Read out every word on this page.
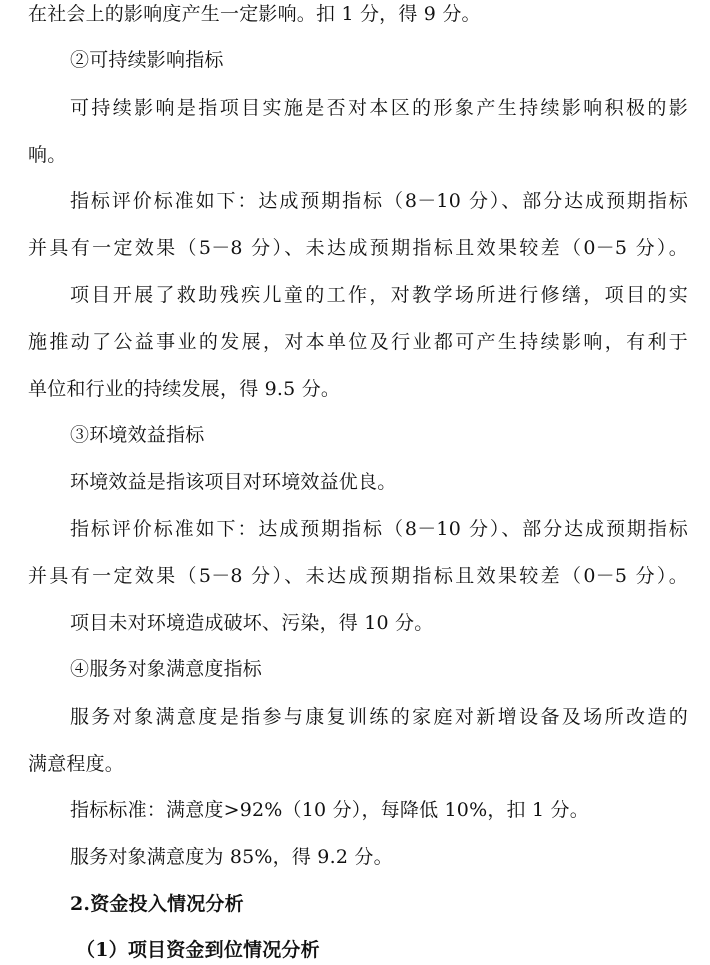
在社会上的影响度产生一定影响。扣 1 分，得 9 分。
②可持续影响指标
可持续影响是指项目实施是否对本区的形象产生持续影响积极的影
响。
指标评价标准如下：达成预期指标（8－10 分）、部分达成预期指标
并具有一定效果（5－8 分）、未达成预期指标且效果较差（0－5 分）。
项目开展了救助残疾儿童的工作，对教学场所进行修缮，项目的实
施推动了公益事业的发展，对本单位及行业都可产生持续影响，有利于
单位和行业的持续发展，得 9.5 分。
③环境效益指标
环境效益是指该项目对环境效益优良。
指标评价标准如下：达成预期指标（8－10 分）、部分达成预期指标
并具有一定效果（5－8 分）、未达成预期指标且效果较差（0－5 分）。
项目未对环境造成破坏、污染，得 10 分。
④服务对象满意度指标
服务对象满意度是指参与康复训练的家庭对新增设备及场所改造的
满意程度。
指标标准：满意度>92%（10 分），每降低 10%，扣 1 分。
服务对象满意度为 85%，得 9.2 分。
2.资金投入情况分析
（1）项目资金到位情况分析
